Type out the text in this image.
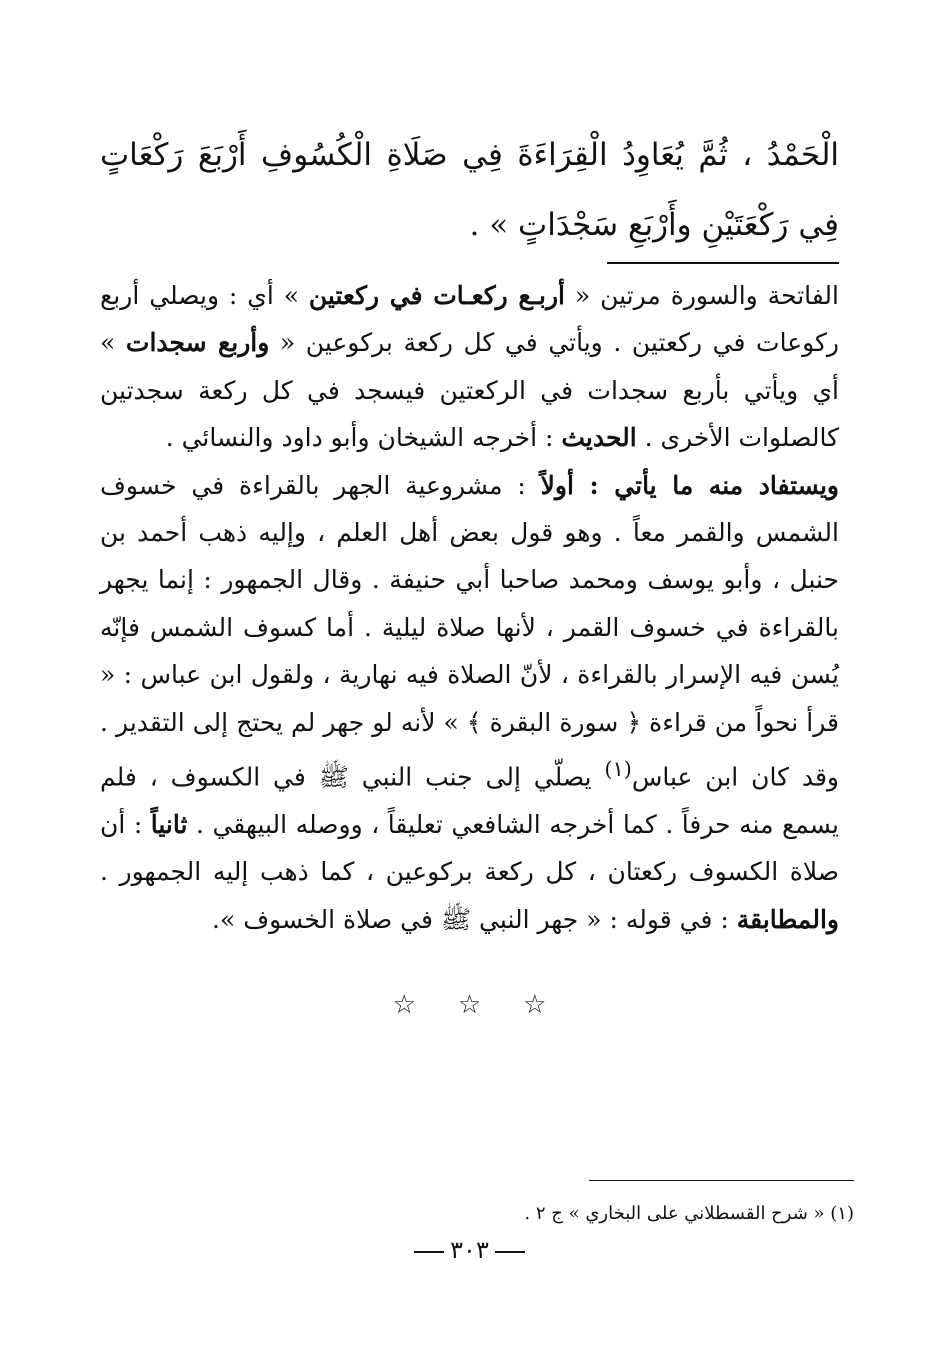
الْحَمْدُ ، ثُمَّ يُعَاوِدُ الْقِرَاءَةَ فِي صَلَاةِ الْكُسُوفِ أَرْبَعَ رَكْعَاتٍ فِي رَكْعَتَيْنِ وأَرْبَعِ سَجْدَاتٍ » .

الفاتحة والسورة مرتين « أربـع ركعـات في ركعتين » أي : ويصلي أربع ركوعات في ركعتين . ويأتي في كل ركعة بركوعين « وأربع سجدات » أي ويأتي بأربع سجدات في الركعتين فيسجد في كل ركعة سجدتين كالصلوات الأخرى . الحديث : أخرجه الشيخان وأبو داود والنسائي .

ويستفاد منه ما يأتي : أولاً : مشروعية الجهر بالقراءة في خسوف الشمس والقمر معاً . وهو قول بعض أهل العلم ، وإليه ذهب أحمد بن حنبل ، وأبو يوسف ومحمد صاحبا أبي حنيفة . وقال الجمهور : إنما يجهر بالقراءة في خسوف القمر ، لأنها صلاة ليلية . أما كسوف الشمس فإنّه يُسن فيه الإسرار بالقراءة ، لأنّ الصلاة فيه نهارية ، ولقول ابن عباس : « قرأ نحواً من قراءة ﴿ سورة البقرة ﴾ » لأنه لو جهر لم يحتج إلى التقدير . وقد كان ابن عباس$^{(١)}$ يصلّي إلى جنب النبي ﷺ في الكسوف ، فلم يسمع منه حرفاً . كما أخرجه الشافعي تعليقاً ، ووصله البيهقي . ثانياً : أن صلاة الكسوف ركعتان ، كل ركعة بركوعين ، كما ذهب إليه الجمهور . والمطابقة : في قوله : « جهر النبي ﷺ في صلاة الخسوف ».

☆
☆
☆
(١) « شرح القسطلاني على البخاري » ج ٢ .
٣٠٣
